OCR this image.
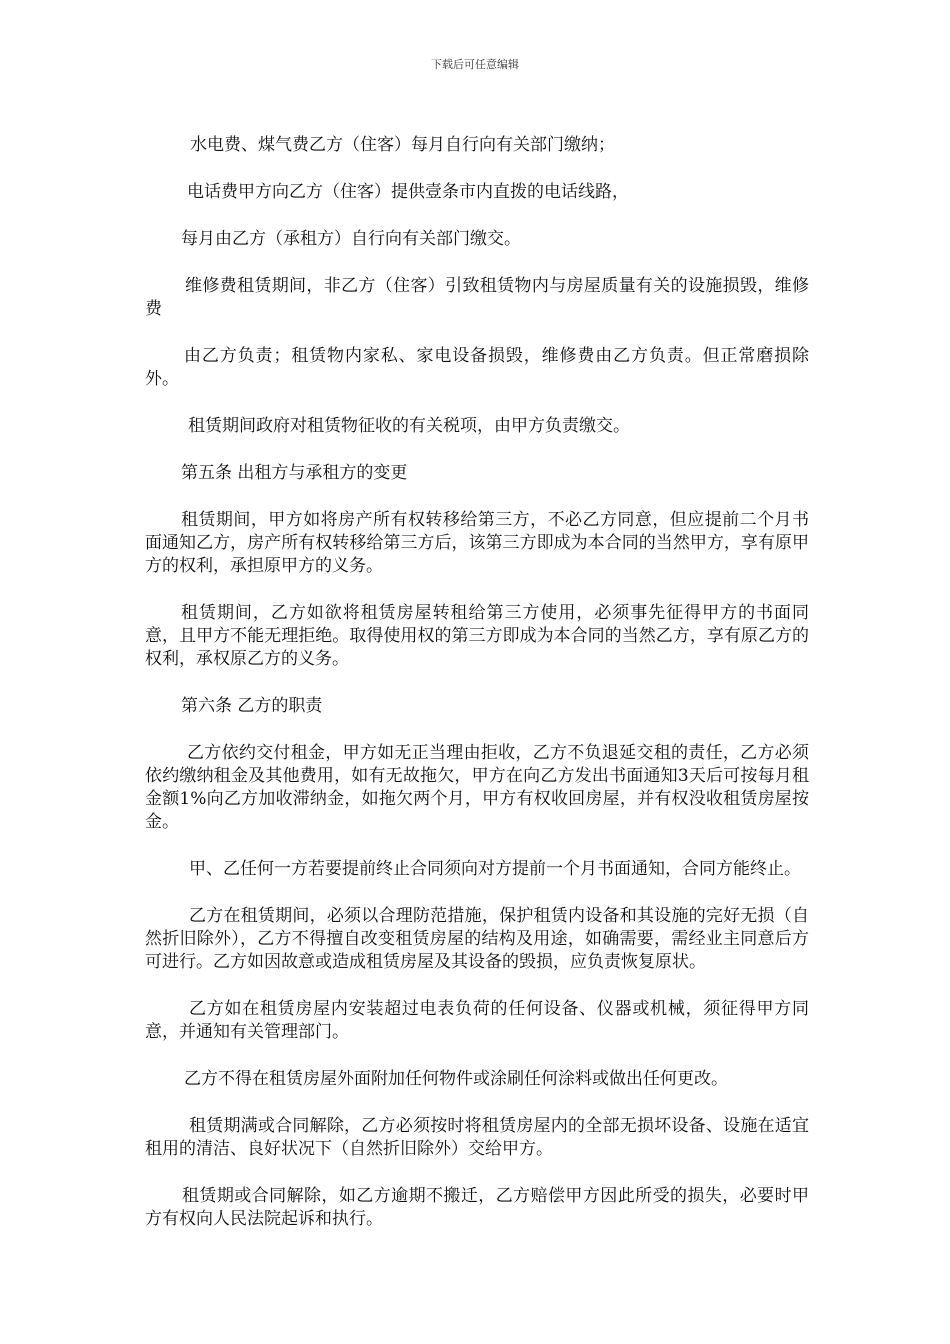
下载后可任意编辑

水电费、煤气费乙方（住客）每月自行向有关部门缴纳；

电话费甲方向乙方（住客）提供壹条市内直拨的电话线路，

每月由乙方（承租方）自行向有关部门缴交。

维修费租赁期间，非乙方（住客）引致租赁物内与房屋质量有关的设施损毁，维修费

由乙方负责；租赁物内家私、家电设备损毁，维修费由乙方负责。但正常磨损除外。

租赁期间政府对租赁物征收的有关税项，由甲方负责缴交。

第五条 出租方与承租方的变更

租赁期间，甲方如将房产所有权转移给第三方，不必乙方同意，但应提前二个月书面通知乙方，房产所有权转移给第三方后，该第三方即成为本合同的当然甲方，享有原甲方的权利，承担原甲方的义务。

租赁期间，乙方如欲将租赁房屋转租给第三方使用，必须事先征得甲方的书面同意，且甲方不能无理拒绝。取得使用权的第三方即成为本合同的当然乙方，享有原乙方的权利，承权原乙方的义务。

第六条 乙方的职责

乙方依约交付租金，甲方如无正当理由拒收，乙方不负退延交租的责任，乙方必须依约缴纳租金及其他费用，如有无故拖欠，甲方在向乙方发出书面通知3天后可按每月租金额1%向乙方加收滞纳金，如拖欠两个月，甲方有权收回房屋，并有权没收租赁房屋按金。

甲、乙任何一方若要提前终止合同须向对方提前一个月书面通知，合同方能终止。

乙方在租赁期间，必须以合理防范措施，保护租赁内设备和其设施的完好无损（自然折旧除外），乙方不得擅自改变租赁房屋的结构及用途，如确需要，需经业主同意后方可进行。乙方如因故意或造成租赁房屋及其设备的毁损，应负责恢复原状。

乙方如在租赁房屋内安装超过电表负荷的任何设备、仪器或机械，须征得甲方同意，并通知有关管理部门。

乙方不得在租赁房屋外面附加任何物件或涂刷任何涂料或做出任何更改。

租赁期满或合同解除，乙方必须按时将租赁房屋内的全部无损坏设备、设施在适宜租用的清洁、良好状况下（自然折旧除外）交给甲方。

租赁期或合同解除，如乙方逾期不搬迁，乙方赔偿甲方因此所受的损失，必要时甲方有权向人民法院起诉和执行。
